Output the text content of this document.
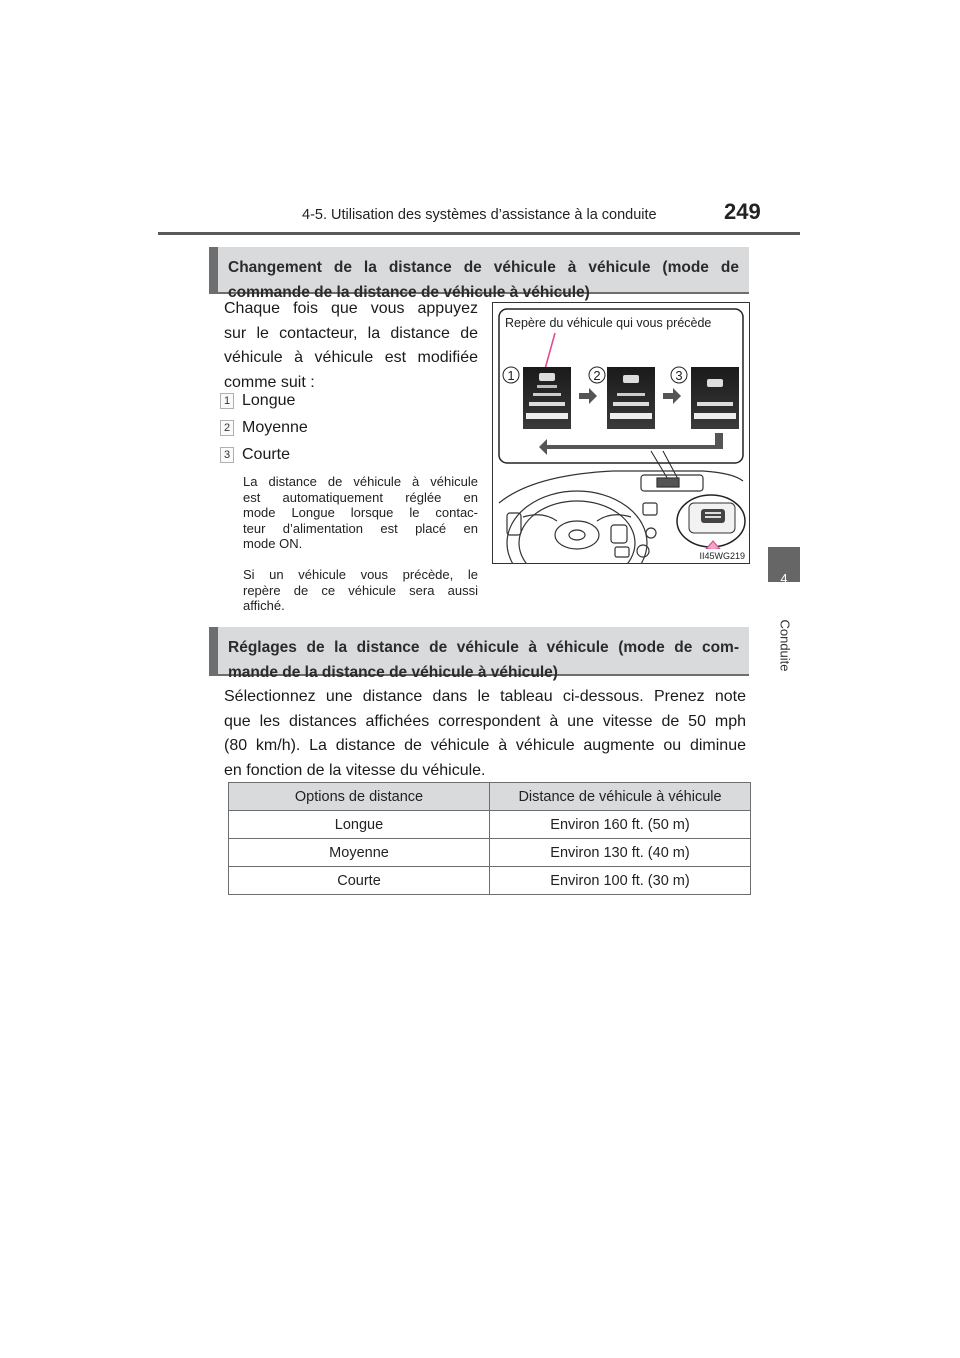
4-5. Utilisation des systèmes d’assistance à la conduite	249
4
Conduite
Changement de la distance de véhicule à véhicule (mode de
commande de la distance de véhicule à véhicule)
Chaque fois que vous appuyez
sur le contacteur, la distance de
véhicule à véhicule est modifiée
comme suit :
1 Longue
2 Moyenne
3 Courte
La distance de véhicule à véhicule
est automatiquement réglée en
mode Longue lorsque le contac-
teur d’alimentation est placé en
mode ON.
Si un véhicule vous précède, le
repère de ce véhicule sera aussi
affiché.
Repère du véhicule qui vous précède
1	2	3
II45WG219
Réglages de la distance de véhicule à véhicule (mode de com-
mande de la distance de véhicule à véhicule)
Sélectionnez une distance dans le tableau ci-dessous. Prenez note
que les distances affichées correspondent à une vitesse de 50 mph
(80 km/h). La distance de véhicule à véhicule augmente ou diminue
en fonction de la vitesse du véhicule.
Options de distance	Distance de véhicule à véhicule
Longue	Environ 160 ft. (50 m)
Moyenne	Environ 130 ft. (40 m)
Courte	Environ 100 ft. (30 m)
